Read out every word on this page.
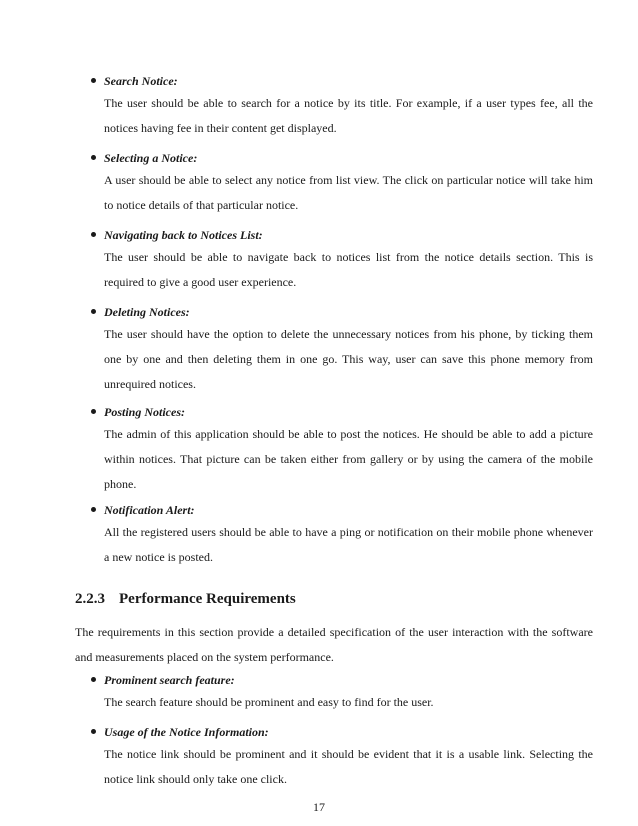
Search Notice:
The user should be able to search for a notice by its title. For example, if a user types fee, all the notices having fee in their content get displayed.
Selecting a Notice:
A user should be able to select any notice from list view. The click on particular notice will take him to notice details of that particular notice.
Navigating back to Notices List:
The user should be able to navigate back to notices list from the notice details section. This is required to give a good user experience.
Deleting Notices:
The user should have the option to delete the unnecessary notices from his phone, by ticking them one by one and then deleting them in one go. This way, user can save this phone memory from unrequired notices.
Posting Notices:
The admin of this application should be able to post the notices. He should be able to add a picture within notices. That picture can be taken either from gallery or by using the camera of the mobile phone.
Notification Alert:
All the registered users should be able to have a ping or notification on their mobile phone whenever a new notice is posted.
2.2.3 Performance Requirements
The requirements in this section provide a detailed specification of the user interaction with the software and measurements placed on the system performance.
Prominent search feature:
The search feature should be prominent and easy to find for the user.
Usage of the Notice Information:
The notice link should be prominent and it should be evident that it is a usable link. Selecting the notice link should only take one click.
17
